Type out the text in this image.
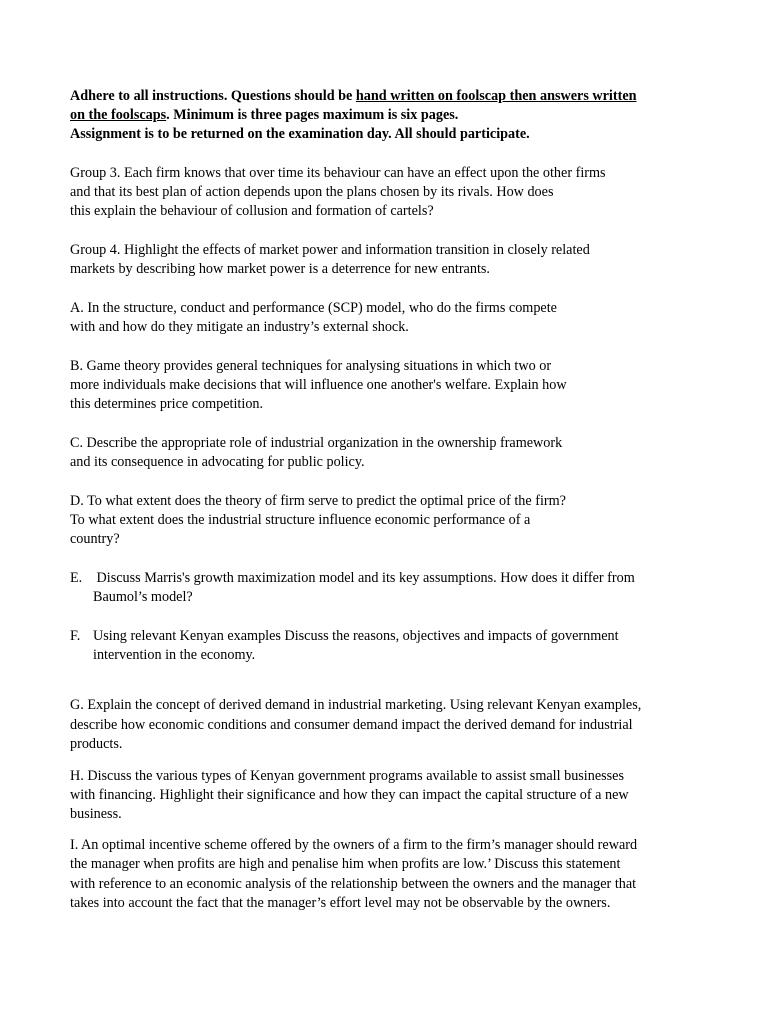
Adhere to all instructions. Questions should be hand written on foolscap then answers written
on the foolscaps. Minimum is three pages maximum is six pages.
Assignment is to be returned on the examination day. All should participate.
Group 3. Each firm knows that over time its behaviour can have an effect upon the other firms
and that its best plan of action depends upon the plans chosen by its rivals. How does
this explain the behaviour of collusion and formation of cartels?
Group 4. Highlight the effects of market power and information transition in closely related
markets by describing how market power is a deterrence for new entrants.
A. In the structure, conduct and performance (SCP) model, who do the firms compete
with and how do they mitigate an industry’s external shock.
B. Game theory provides general techniques for analysing situations in which two or
more individuals make decisions that will influence one another's welfare. Explain how
this determines price competition.
C. Describe the appropriate role of industrial organization in the ownership framework
and its consequence in advocating for public policy.
D. To what extent does the theory of firm serve to predict the optimal price of the firm?
To what extent does the industrial structure influence economic performance of a
country?
E. Discuss Marris's growth maximization model and its key assumptions. How does it differ from
Baumol’s model?
F. Using relevant Kenyan examples Discuss the reasons, objectives and impacts of government
intervention in the economy.
G. Explain the concept of derived demand in industrial marketing. Using relevant Kenyan examples,
describe how economic conditions and consumer demand impact the derived demand for industrial
products.
H. Discuss the various types of Kenyan government programs available to assist small businesses
with financing. Highlight their significance and how they can impact the capital structure of a new
business.
I. An optimal incentive scheme offered by the owners of a firm to the firm’s manager should reward
the manager when profits are high and penalise him when profits are low.’ Discuss this statement
with reference to an economic analysis of the relationship between the owners and the manager that
takes into account the fact that the manager’s effort level may not be observable by the owners.
